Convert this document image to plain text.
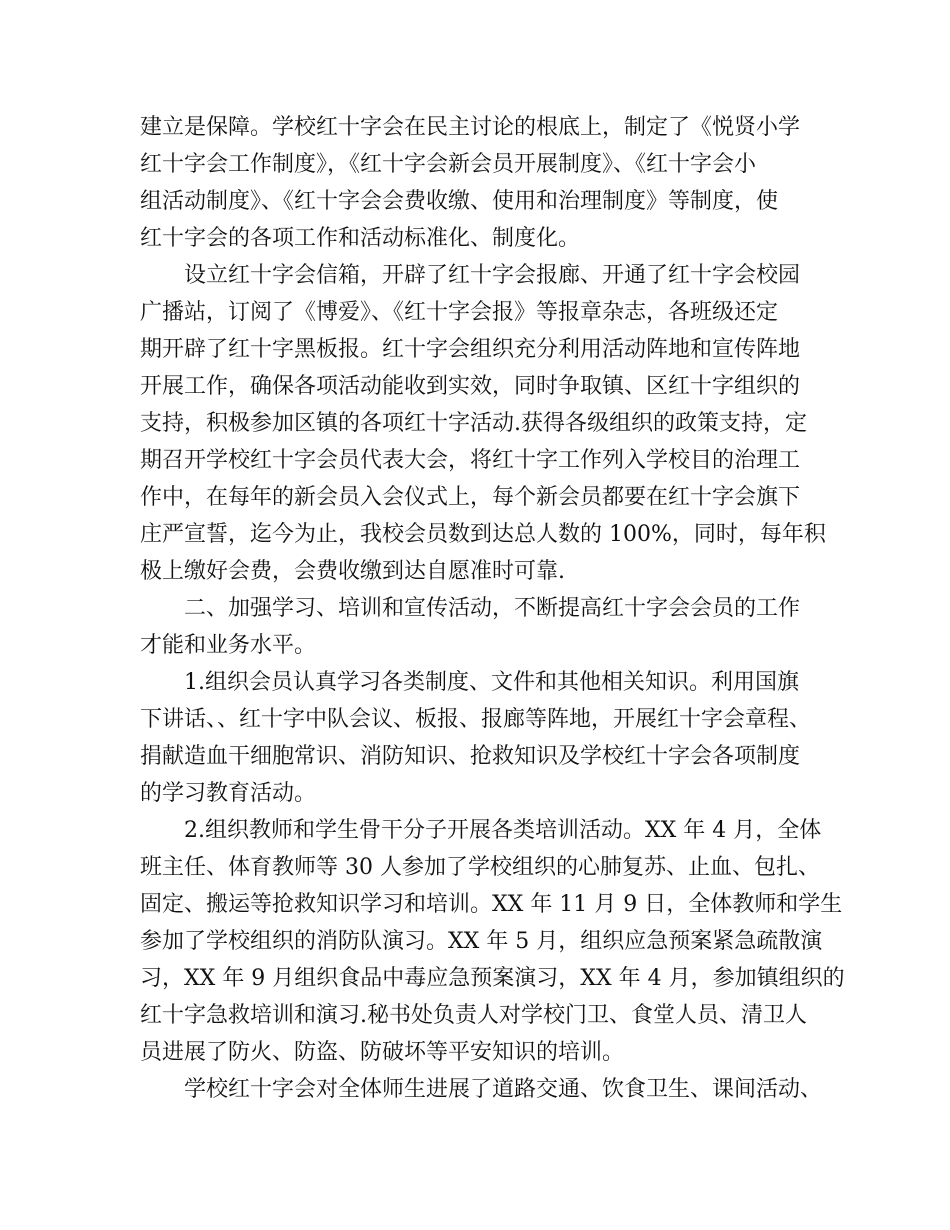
建立是保障。学校红十字会在民主讨论的根底上，制定了《悦贤小学
红十字会工作制度》，《红十字会新会员开展制度》、《红十字会小
组活动制度》、《红十字会会费收缴、使用和治理制度》等制度，使
红十字会的各项工作和活动标准化、制度化。
设立红十字会信箱，开辟了红十字会报廊、开通了红十字会校园
广播站，订阅了《博爱》、《红十字会报》等报章杂志，各班级还定
期开辟了红十字黑板报。红十字会组织充分利用活动阵地和宣传阵地
开展工作，确保各项活动能收到实效，同时争取镇、区红十字组织的
支持，积极参加区镇的各项红十字活动.获得各级组织的政策支持，定
期召开学校红十字会员代表大会，将红十字工作列入学校目的治理工
作中，在每年的新会员入会仪式上，每个新会员都要在红十字会旗下
庄严宣誓，迄今为止，我校会员数到达总人数的 100%，同时，每年积
极上缴好会费，会费收缴到达自愿准时可靠.
二、加强学习、培训和宣传活动，不断提高红十字会会员的工作
才能和业务水平。
1.组织会员认真学习各类制度、文件和其他相关知识。利用国旗
下讲话、、红十字中队会议、板报、报廊等阵地，开展红十字会章程、
捐献造血干细胞常识、消防知识、抢救知识及学校红十字会各项制度
的学习教育活动。
2.组织教师和学生骨干分子开展各类培训活动。XX 年 4 月，全体
班主任、体育教师等 30 人参加了学校组织的心肺复苏、止血、包扎、
固定、搬运等抢救知识学习和培训。XX 年 11 月 9 日，全体教师和学生
参加了学校组织的消防队演习。XX 年 5 月，组织应急预案紧急疏散演
习，XX 年 9 月组织食品中毒应急预案演习，XX 年 4 月，参加镇组织的
红十字急救培训和演习.秘书处负责人对学校门卫、食堂人员、清卫人
员进展了防火、防盗、防破坏等平安知识的培训。
学校红十字会对全体师生进展了道路交通、饮食卫生、课间活动、
